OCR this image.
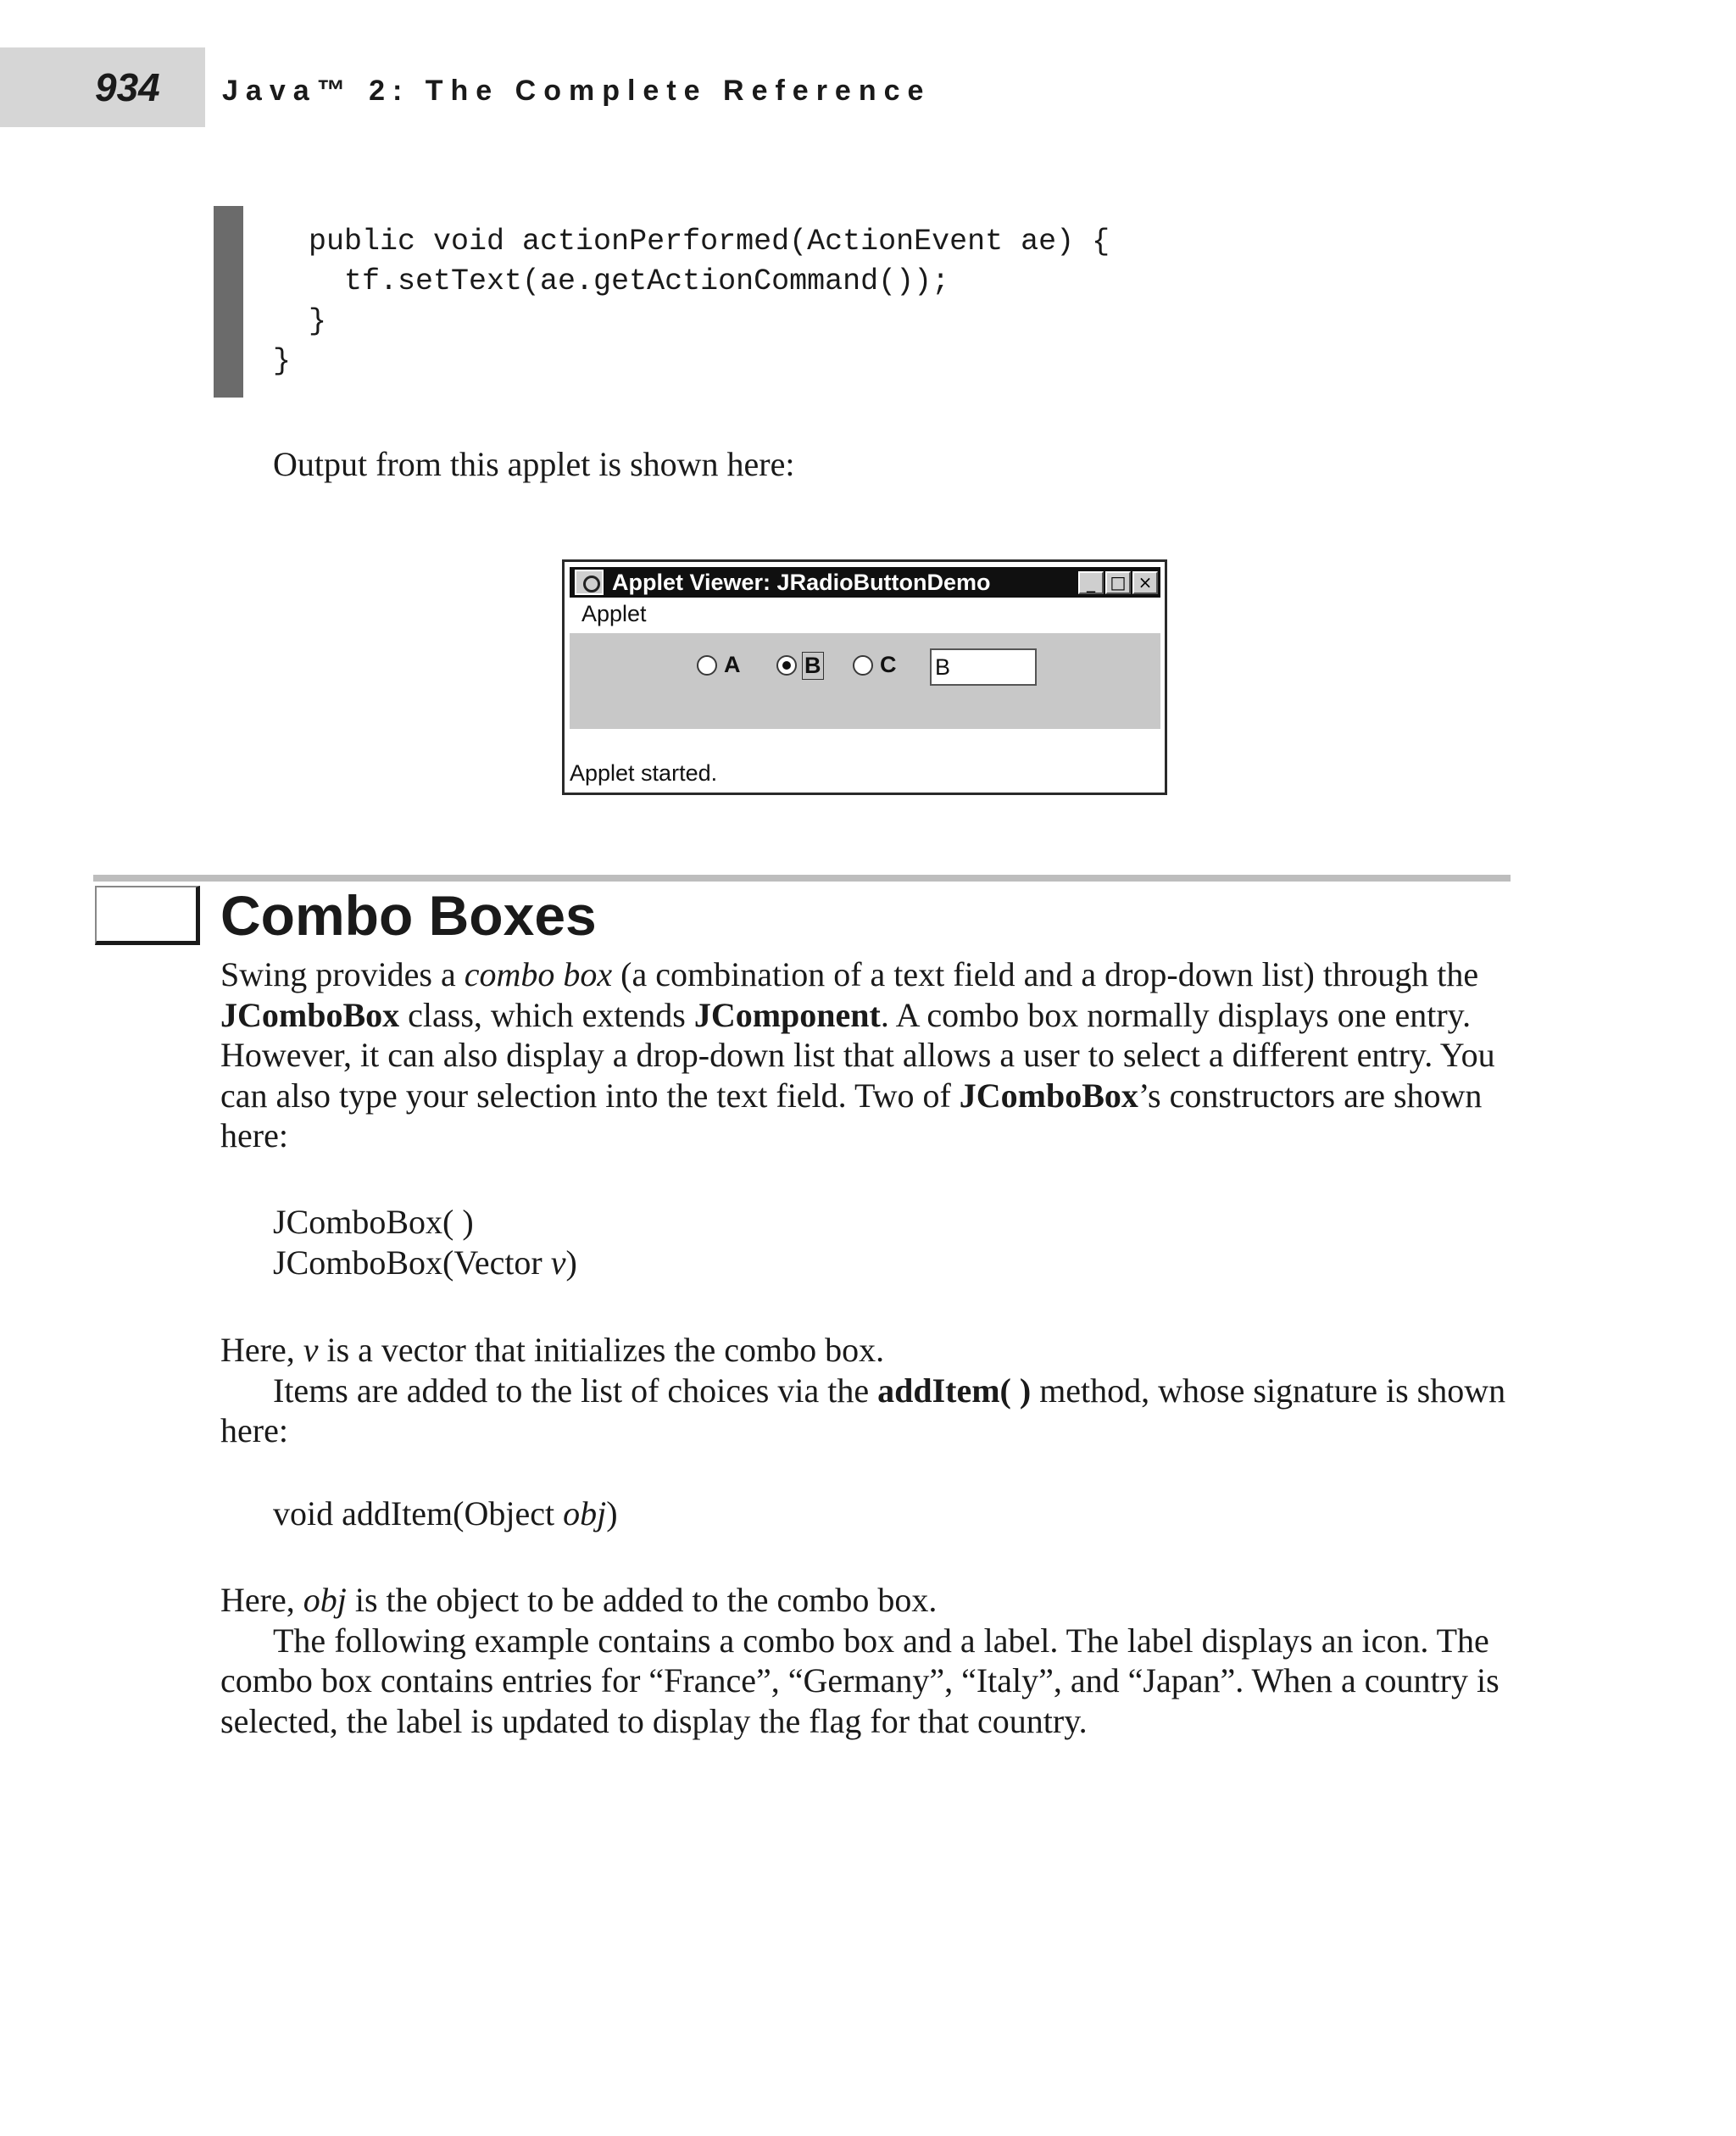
934 Java™ 2: The Complete Reference
public void actionPerformed(ActionEvent ae) {
tf.setText(ae.getActionCommand());
}
}
Output from this applet is shown here:
Applet Viewer: JRadioButtonDemo	_ □ ×
Applet
A	B	C B
Applet started.
Combo Boxes
Swing provides a combo box (a combination of a text field and a drop-down list) through the JComboBox class, which extends JComponent. A combo box normally displays one entry. However, it can also display a drop-down list that allows a user to select a different entry. You can also type your selection into the text field. Two of JComboBox’s constructors are shown here:
JComboBox( )
JComboBox(Vector v)
Here, v is a vector that initializes the combo box.
Items are added to the list of choices via the addItem( ) method, whose signature is shown here:
void addItem(Object obj)
Here, obj is the object to be added to the combo box.
The following example contains a combo box and a label. The label displays an icon. The combo box contains entries for “France”, “Germany”, “Italy”, and “Japan”. When a country is selected, the label is updated to display the flag for that country.
